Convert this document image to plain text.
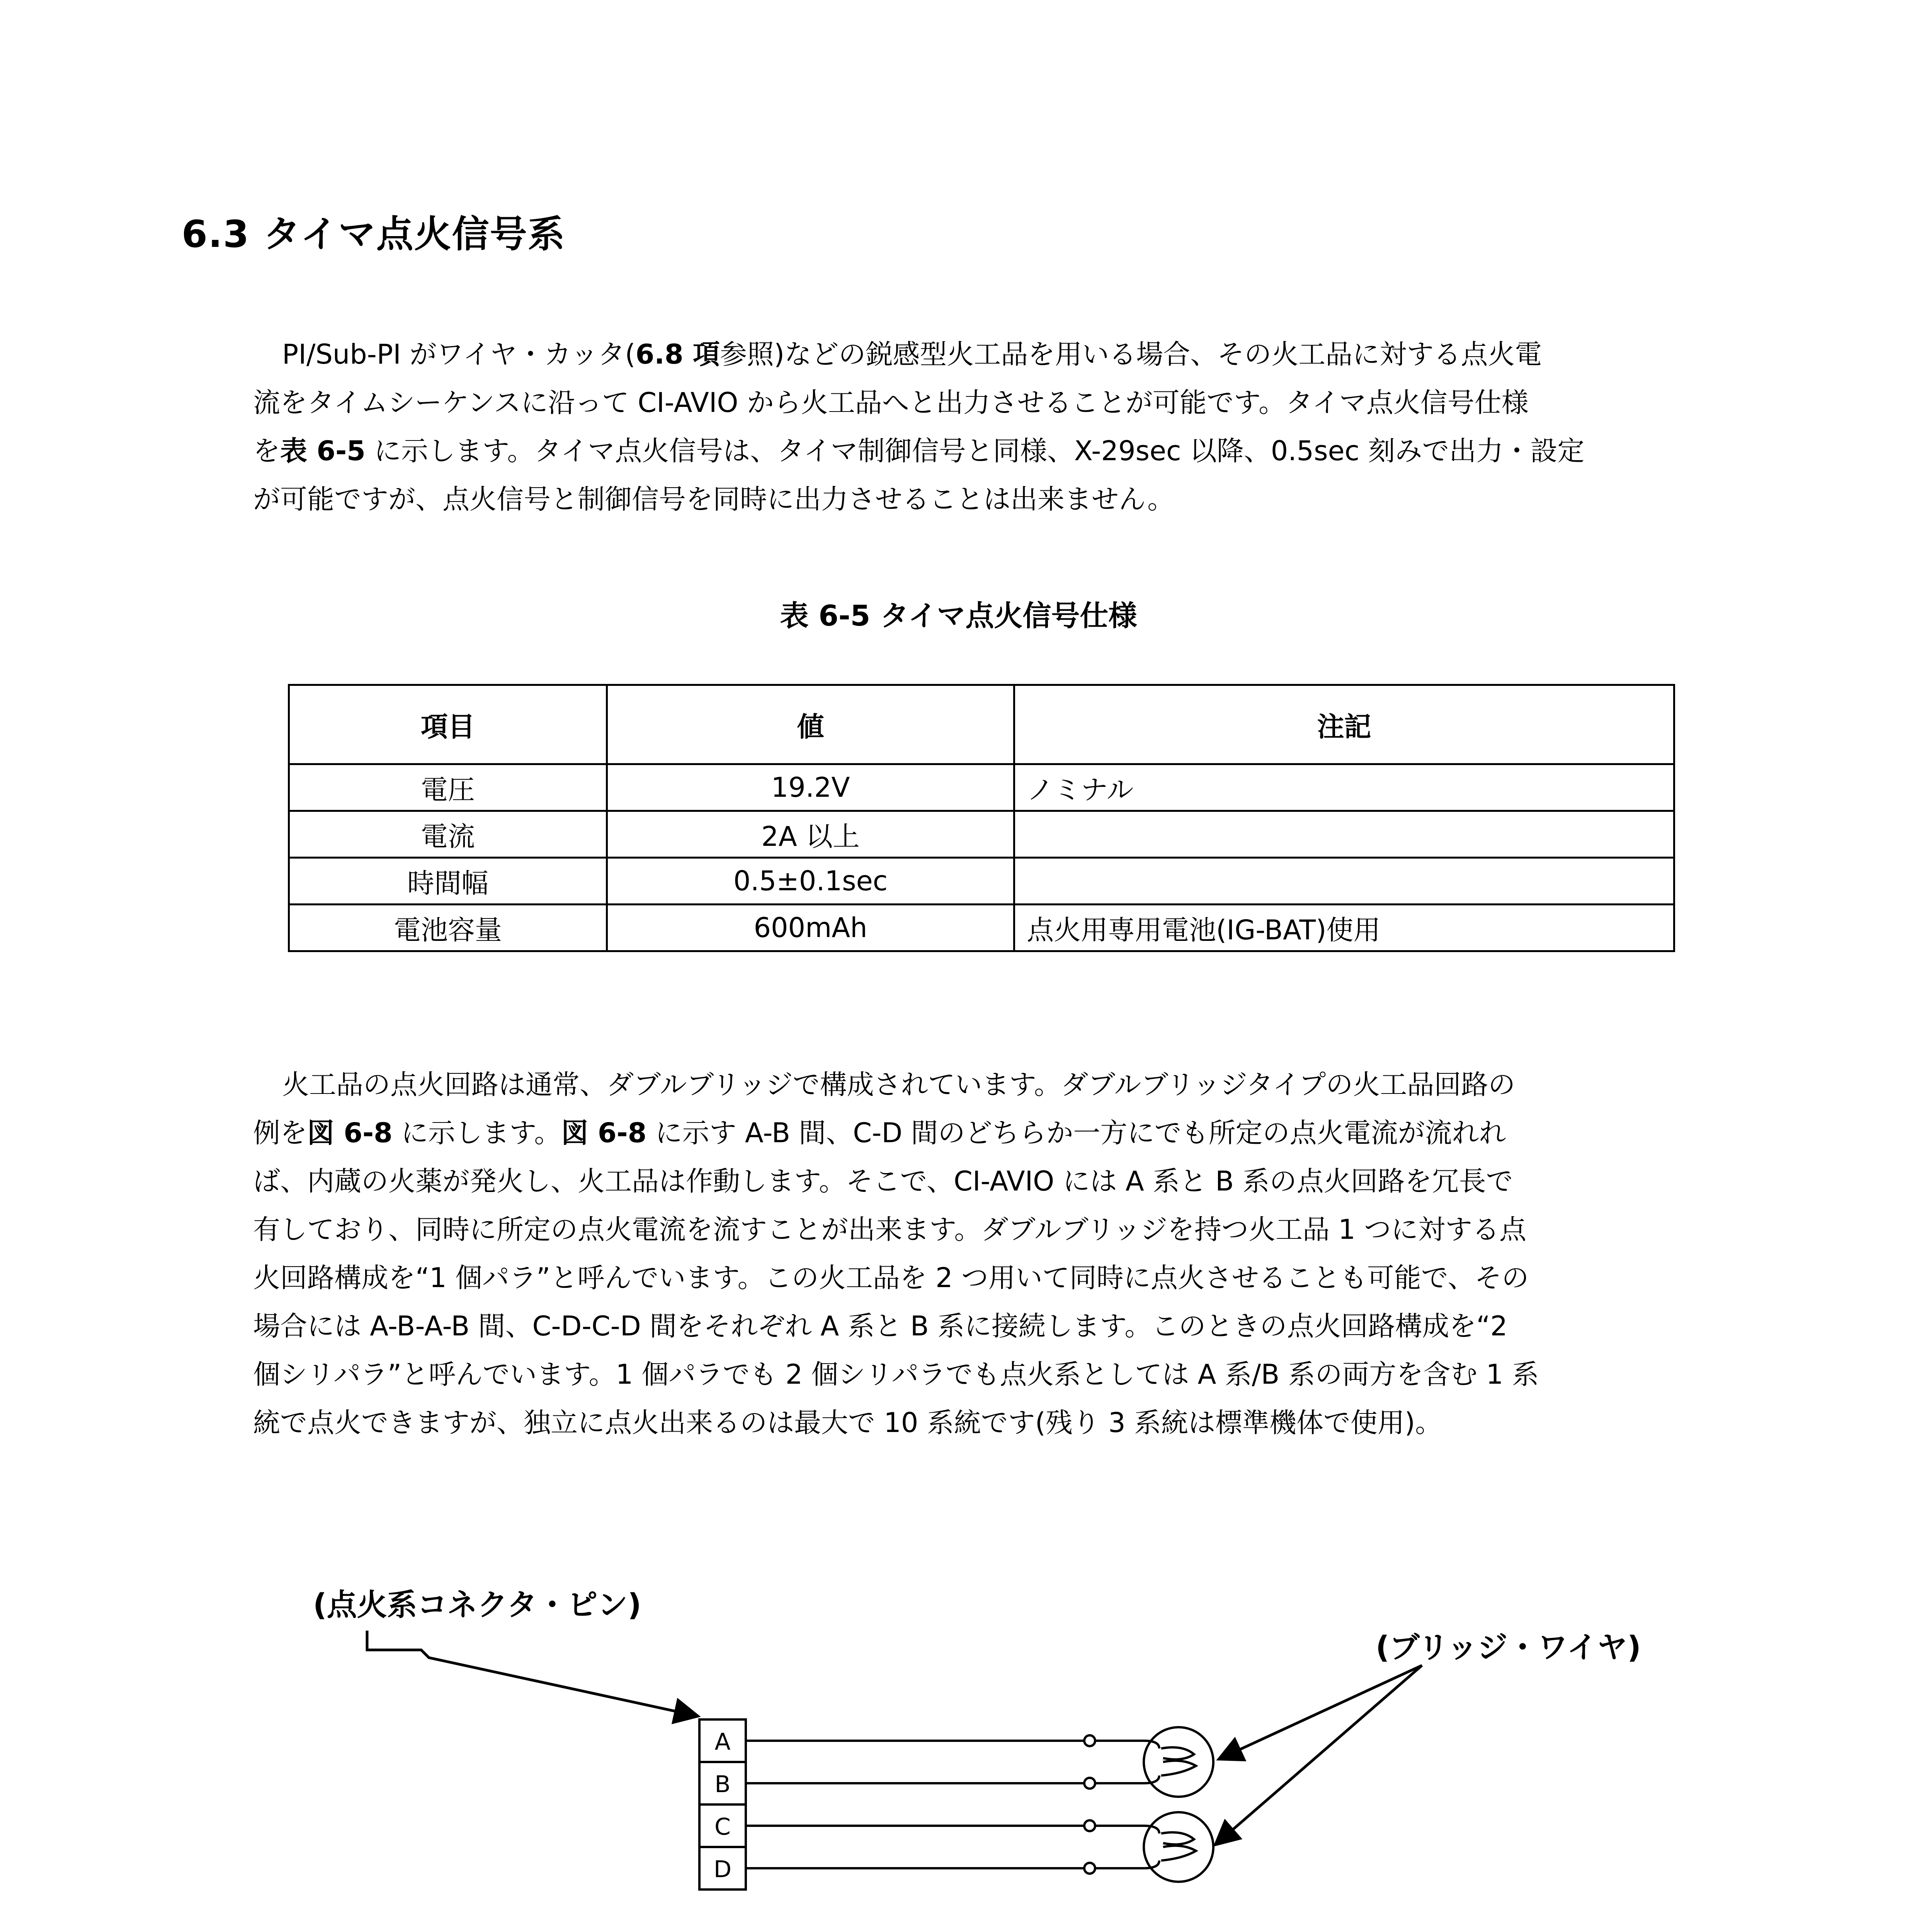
6.3 タイマ点火信号系
PI/Sub-PI がワイヤ・カッタ(6.8 項参照)などの鋭感型火工品を用いる場合、その火工品に対する点火電
流をタイムシーケンスに沿って CI-AVIO から火工品へと出力させることが可能です。タイマ点火信号仕様
を表 6-5 に示します。タイマ点火信号は、タイマ制御信号と同様、X-29sec 以降、0.5sec 刻みで出力・設定
が可能ですが、点火信号と制御信号を同時に出力させることは出来ません。
表 6-5 タイマ点火信号仕様
項目	値	注記
電圧	19.2V	ノミナル
電流	2A 以上	
時間幅	0.5±0.1sec	
電池容量	600mAh	点火用専用電池(IG-BAT)使用
火工品の点火回路は通常、ダブルブリッジで構成されています。ダブルブリッジタイプの火工品回路の
例を図 6-8 に示します。図 6-8 に示す A-B 間、C-D 間のどちらか一方にでも所定の点火電流が流れれ
ば、内蔵の火薬が発火し、火工品は作動します。そこで、CI-AVIO には A 系と B 系の点火回路を冗長で
有しており、同時に所定の点火電流を流すことが出来ます。ダブルブリッジを持つ火工品 1 つに対する点
火回路構成を“1 個パラ”と呼んでいます。この火工品を 2 つ用いて同時に点火させることも可能で、その
場合には A-B-A-B 間、C-D-C-D 間をそれぞれ A 系と B 系に接続します。このときの点火回路構成を“2
個シリパラ”と呼んでいます。1 個パラでも 2 個シリパラでも点火系としては A 系/B 系の両方を含む 1 系
統で点火できますが、独立に点火出来るのは最大で 10 系統です(残り 3 系統は標準機体で使用)。
(点火系コネクタ・ピン)
(ブリッジ・ワイヤ)
A
B
C
D
